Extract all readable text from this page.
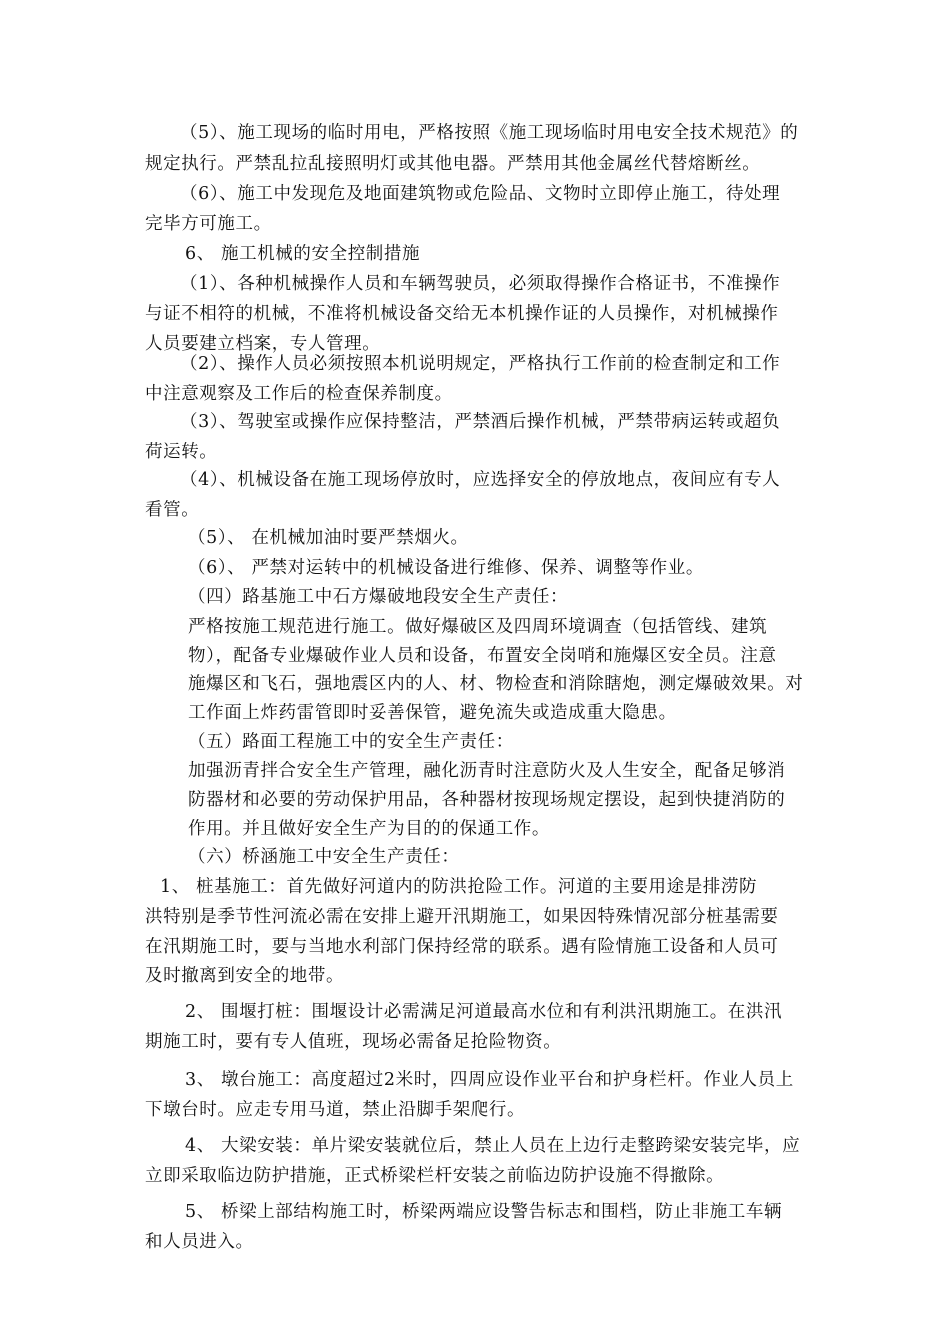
（5）、施工现场的临时用电，严格按照《施工现场临时用电安全技术规范》的
规定执行。严禁乱拉乱接照明灯或其他电器。严禁用其他金属丝代替熔断丝。
（6）、施工中发现危及地面建筑物或危险品、文物时立即停止施工，待处理
完毕方可施工。
6、 施工机械的安全控制措施
（1）、各种机械操作人员和车辆驾驶员，必须取得操作合格证书，不准操作
与证不相符的机械，不准将机械设备交给无本机操作证的人员操作，对机械操作
人员要建立档案，专人管理。
（2）、操作人员必须按照本机说明规定，严格执行工作前的检查制定和工作
中注意观察及工作后的检查保养制度。
（3）、驾驶室或操作应保持整洁，严禁酒后操作机械，严禁带病运转或超负
荷运转。
（4）、机械设备在施工现场停放时，应选择安全的停放地点，夜间应有专人
看管。
（5）、 在机械加油时要严禁烟火。
（6）、 严禁对运转中的机械设备进行维修、保养、调整等作业。
（四）路基施工中石方爆破地段安全生产责任：
严格按施工规范进行施工。做好爆破区及四周环境调查（包括管线、建筑
物），配备专业爆破作业人员和设备，布置安全岗哨和施爆区安全员。注意
施爆区和飞石，强地震区内的人、材、物检查和消除瞎炮，测定爆破效果。对
工作面上炸药雷管即时妥善保管，避免流失或造成重大隐患。
（五）路面工程施工中的安全生产责任：
加强沥青拌合安全生产管理，融化沥青时注意防火及人生安全，配备足够消
防器材和必要的劳动保护用品，各种器材按现场规定摆设，起到快捷消防的
作用。并且做好安全生产为目的的保通工作。
（六）桥涵施工中安全生产责任：
1、 桩基施工：首先做好河道内的防洪抢险工作。河道的主要用途是排涝防
洪特别是季节性河流必需在安排上避开汛期施工，如果因特殊情况部分桩基需要
在汛期施工时，要与当地水利部门保持经常的联系。遇有险情施工设备和人员可
及时撤离到安全的地带。
2、 围堰打桩：围堰设计必需满足河道最高水位和有利洪汛期施工。在洪汛
期施工时，要有专人值班，现场必需备足抢险物资。
3、 墩台施工：高度超过2米时，四周应设作业平台和护身栏杆。作业人员上
下墩台时。应走专用马道，禁止沿脚手架爬行。
4、 大梁安装：单片梁安装就位后，禁止人员在上边行走整跨梁安装完毕，应
立即采取临边防护措施，正式桥梁栏杆安装之前临边防护设施不得撤除。
5、 桥梁上部结构施工时，桥梁两端应设警告标志和围档，防止非施工车辆
和人员进入。
